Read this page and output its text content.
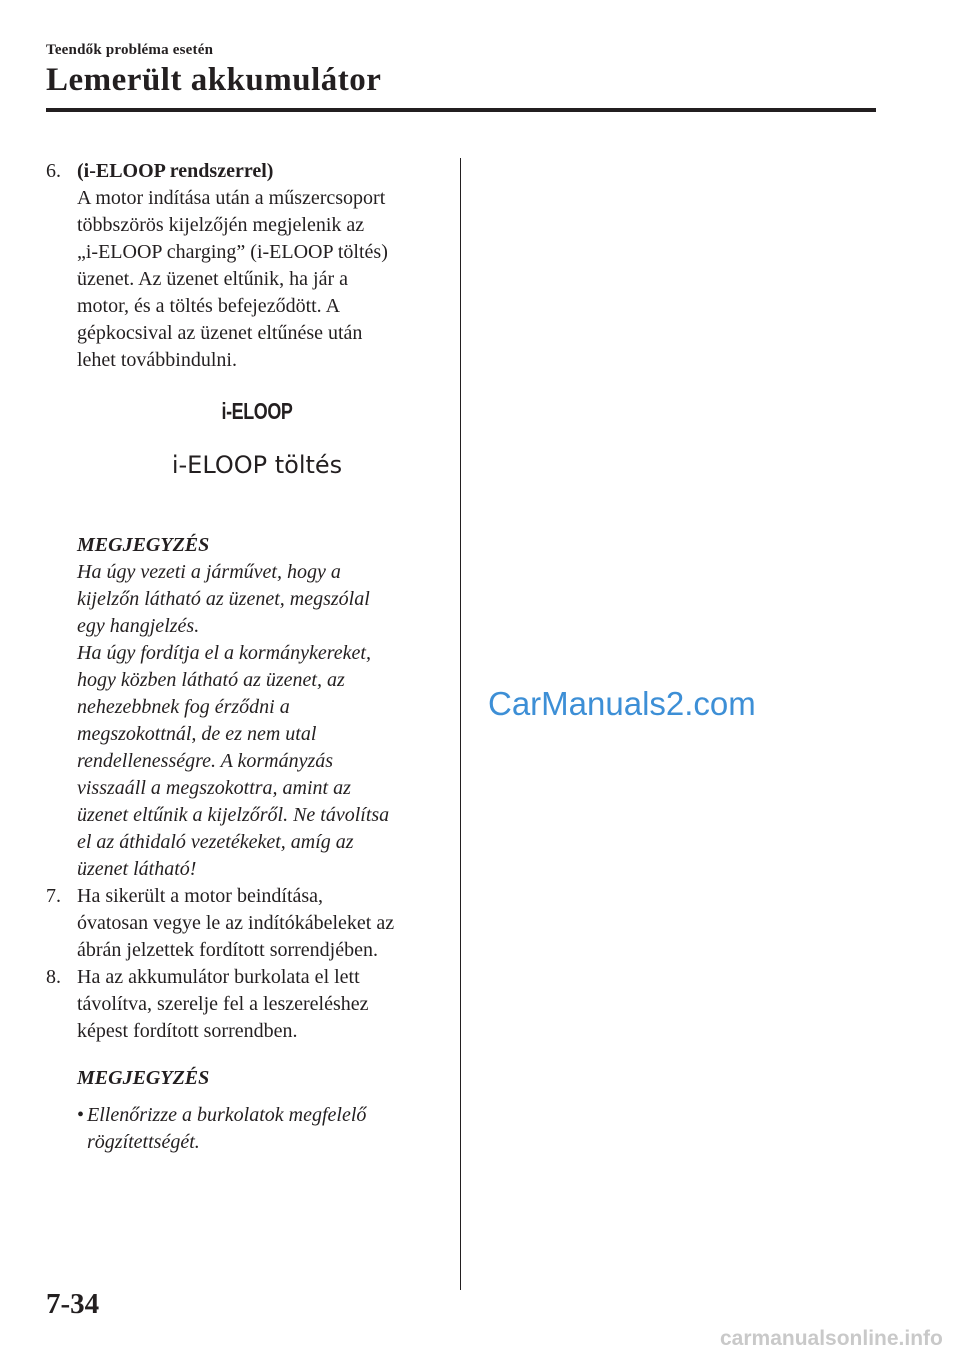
Teendők probléma esetén
Lemerült akkumulátor
6. (i-ELOOP rendszerrel)
A motor indítása után a műszercsoport
többszörös kijelzőjén megjelenik az
„i-ELOOP charging” (i-ELOOP töltés)
üzenet. Az üzenet eltűnik, ha jár a
motor, és a töltés befejeződött. A
gépkocsival az üzenet eltűnése után
lehet továbbindulni.
i-ELOOP
i-ELOOP töltés
MEGJEGYZÉS
Ha úgy vezeti a járművet, hogy a
kijelzőn látható az üzenet, megszólal
egy hangjelzés.
Ha úgy fordítja el a kormánykereket,
hogy közben látható az üzenet, az
nehezebbnek fog érződni a
megszokottnál, de ez nem utal
rendellenességre. A kormányzás
visszaáll a megszokottra, amint az
üzenet eltűnik a kijelzőről. Ne távolítsa
el az áthidaló vezetékeket, amíg az
üzenet látható!
7. Ha sikerült a motor beindítása,
óvatosan vegye le az indítókábeleket az
ábrán jelzettek fordított sorrendjében.
8. Ha az akkumulátor burkolata el lett
távolítva, szerelje fel a leszereléshez
képest fordított sorrendben.
MEGJEGYZÉS
• Ellenőrizze a burkolatok megfelelő
rögzítettségét.
CarManuals2.com
7-34
carmanualsonline.info
